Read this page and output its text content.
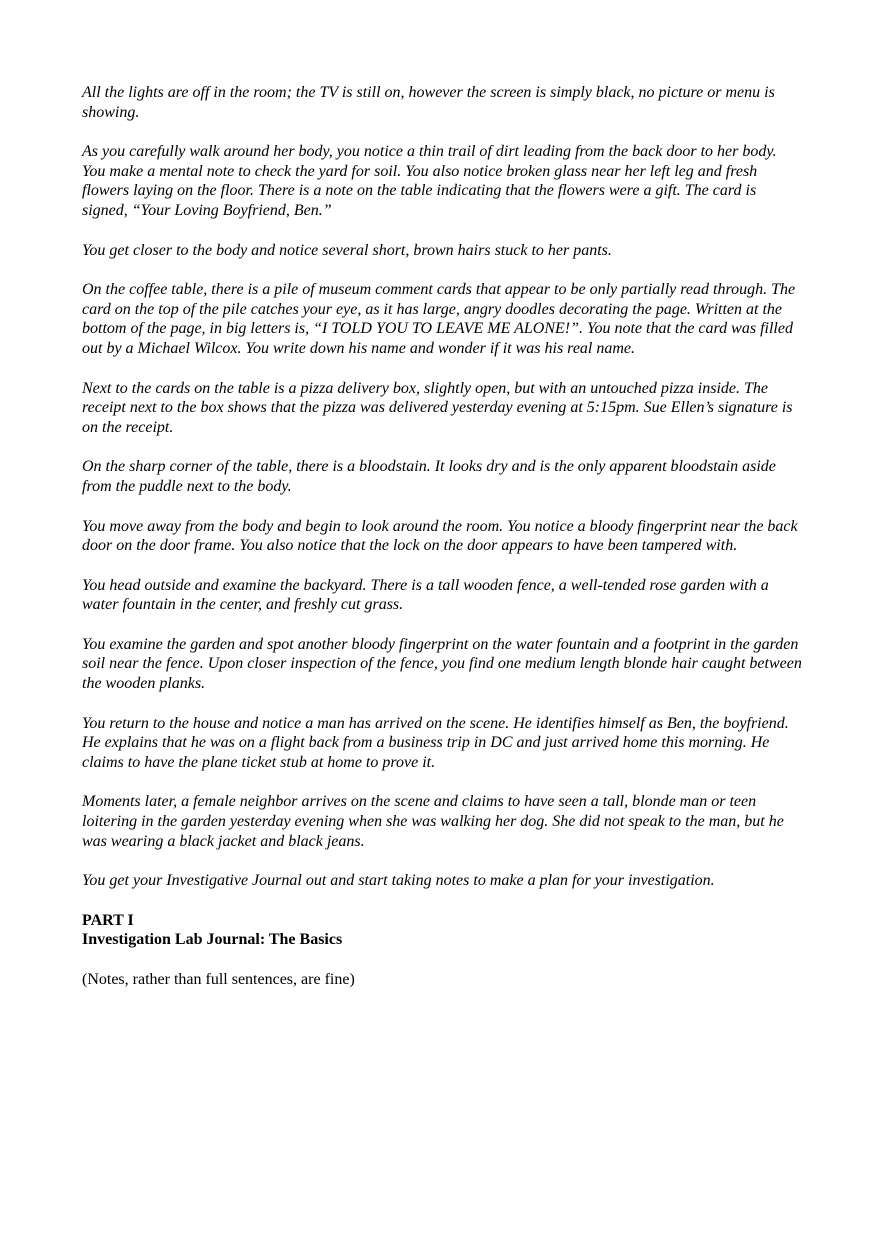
All the lights are off in the room; the TV is still on, however the screen is simply black, no picture or menu is showing.

As you carefully walk around her body, you notice a thin trail of dirt leading from the back door to her body. You make a mental note to check the yard for soil. You also notice broken glass near her left leg and fresh flowers laying on the floor. There is a note on the table indicating that the flowers were a gift. The card is signed, “Your Loving Boyfriend, Ben.”

You get closer to the body and notice several short, brown hairs stuck to her pants.

On the coffee table, there is a pile of museum comment cards that appear to be only partially read through. The card on the top of the pile catches your eye, as it has large, angry doodles decorating the page. Written at the bottom of the page, in big letters is, “I TOLD YOU TO LEAVE ME ALONE!”. You note that the card was filled out by a Michael Wilcox. You write down his name and wonder if it was his real name.

Next to the cards on the table is a pizza delivery box, slightly open, but with an untouched pizza inside. The receipt next to the box shows that the pizza was delivered yesterday evening at 5:15pm. Sue Ellen’s signature is on the receipt.

On the sharp corner of the table, there is a bloodstain. It looks dry and is the only apparent bloodstain aside from the puddle next to the body.

You move away from the body and begin to look around the room. You notice a bloody fingerprint near the back door on the door frame. You also notice that the lock on the door appears to have been tampered with.

You head outside and examine the backyard. There is a tall wooden fence, a well-tended rose garden with a water fountain in the center, and freshly cut grass.

You examine the garden and spot another bloody fingerprint on the water fountain and a footprint in the garden soil near the fence. Upon closer inspection of the fence, you find one medium length blonde hair caught between the wooden planks.

You return to the house and notice a man has arrived on the scene. He identifies himself as Ben, the boyfriend. He explains that he was on a flight back from a business trip in DC and just arrived home this morning. He claims to have the plane ticket stub at home to prove it.

Moments later, a female neighbor arrives on the scene and claims to have seen a tall, blonde man or teen loitering in the garden yesterday evening when she was walking her dog. She did not speak to the man, but he was wearing a black jacket and black jeans.

You get your Investigative Journal out and start taking notes to make a plan for your investigation.

PART I

Investigation Lab Journal: The Basics

(Notes, rather than full sentences, are fine)
